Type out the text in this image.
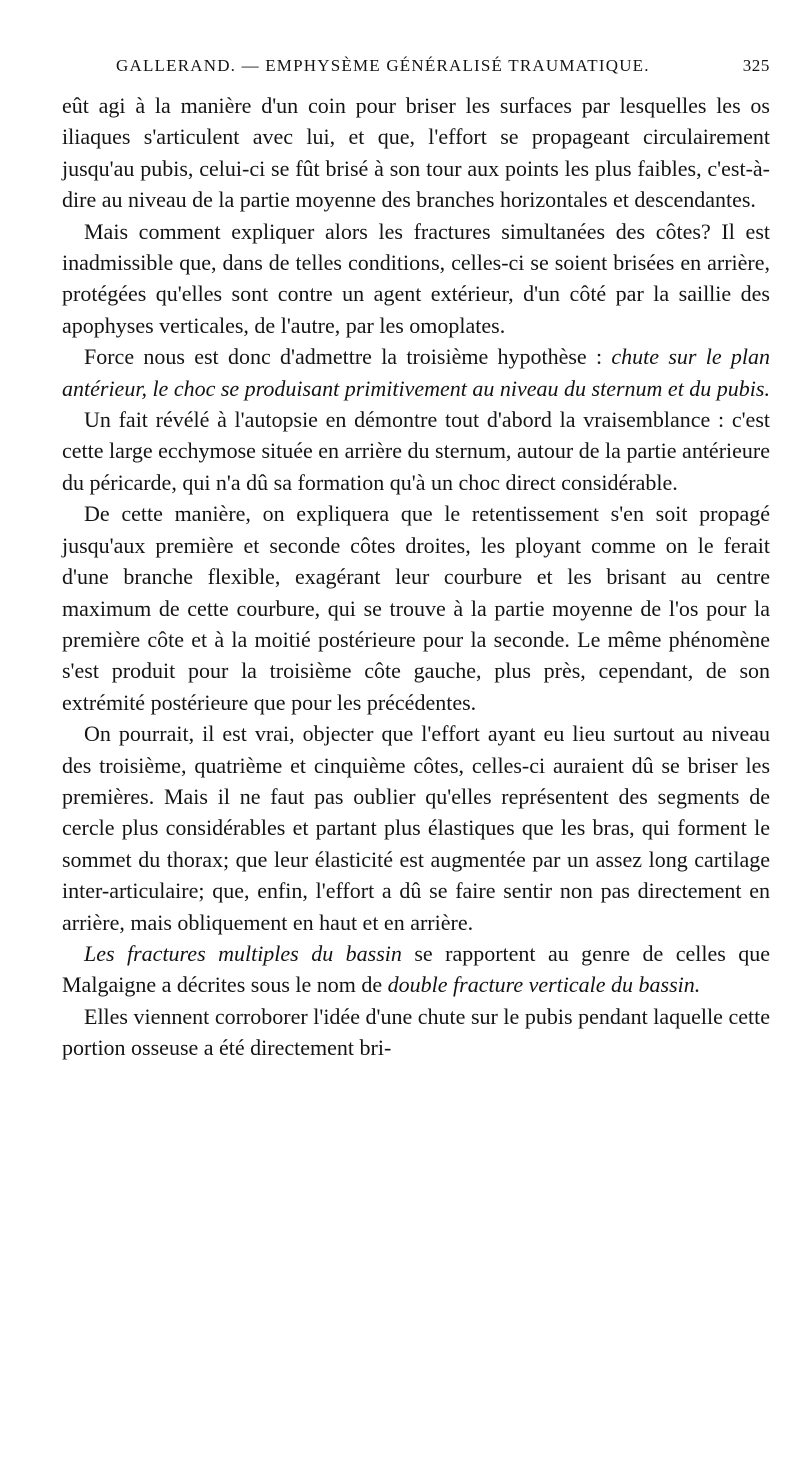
GALLERAND. — EMPHYSÈME GÉNÉRALISÉ TRAUMATIQUE.	325

eût agi à la manière d'un coin pour briser les surfaces par lesquelles les os iliaques s'articulent avec lui, et que, l'effort se propageant circulairement jusqu'au pubis, celui-ci se fût brisé à son tour aux points les plus faibles, c'est-à-dire au niveau de la partie moyenne des branches horizontales et descendantes.

Mais comment expliquer alors les fractures simultanées des côtes? Il est inadmissible que, dans de telles conditions, celles-ci se soient brisées en arrière, protégées qu'elles sont contre un agent extérieur, d'un côté par la saillie des apophyses verticales, de l'autre, par les omoplates.

Force nous est donc d'admettre la troisième hypothèse : chute sur le plan antérieur, le choc se produisant primitivement au niveau du sternum et du pubis.

Un fait révélé à l'autopsie en démontre tout d'abord la vraisemblance : c'est cette large ecchymose située en arrière du sternum, autour de la partie antérieure du péricarde, qui n'a dû sa formation qu'à un choc direct considérable.

De cette manière, on expliquera que le retentissement s'en soit propagé jusqu'aux première et seconde côtes droites, les ployant comme on le ferait d'une branche flexible, exagérant leur courbure et les brisant au centre maximum de cette courbure, qui se trouve à la partie moyenne de l'os pour la première côte et à la moitié postérieure pour la seconde. Le même phénomène s'est produit pour la troisième côte gauche, plus près, cependant, de son extrémité postérieure que pour les précédentes.

On pourrait, il est vrai, objecter que l'effort ayant eu lieu surtout au niveau des troisième, quatrième et cinquième côtes, celles-ci auraient dû se briser les premières. Mais il ne faut pas oublier qu'elles représentent des segments de cercle plus considérables et partant plus élastiques que les bras, qui forment le sommet du thorax; que leur élasticité est augmentée par un assez long cartilage inter-articulaire; que, enfin, l'effort a dû se faire sentir non pas directement en arrière, mais obliquement en haut et en arrière.

Les fractures multiples du bassin se rapportent au genre de celles que Malgaigne a décrites sous le nom de double fracture verticale du bassin.

Elles viennent corroborer l'idée d'une chute sur le pubis pendant laquelle cette portion osseuse a été directement bri-
